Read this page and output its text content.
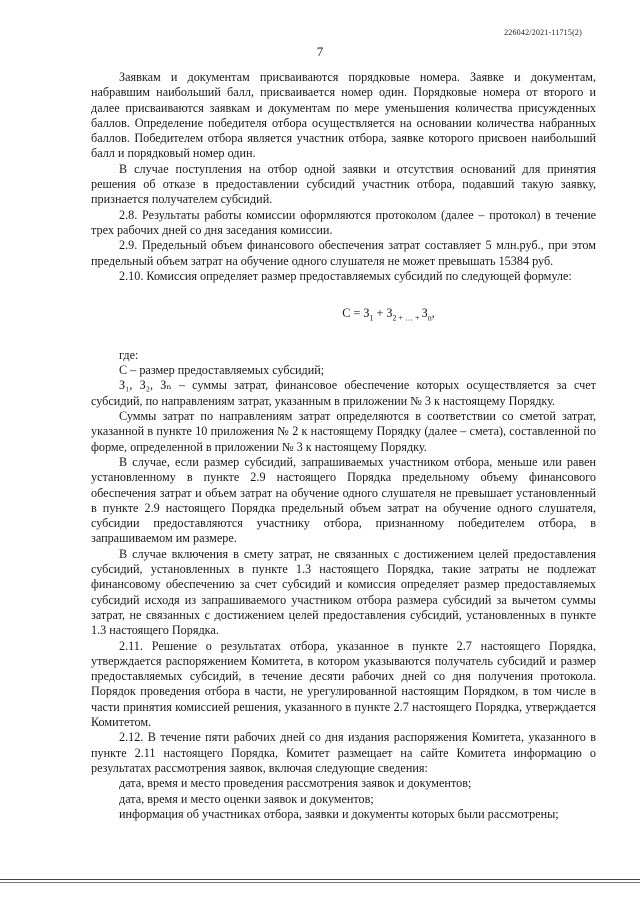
226042/2021-11715(2)
7

Заявкам и документам присваиваются порядковые номера. Заявке и документам, набравшим наибольший балл, присваивается номер один. Порядковые номера от второго и далее присваиваются заявкам и документам по мере уменьшения количества присужденных баллов. Определение победителя отбора осуществляется на основании количества набранных баллов. Победителем отбора является участник отбора, заявке которого присвоен наибольший балл и порядковый номер один.

В случае поступления на отбор одной заявки и отсутствия оснований для принятия решения об отказе в предоставлении субсидий участник отбора, подавший такую заявку, признается получателем субсидий.

2.8. Результаты работы комиссии оформляются протоколом (далее – протокол) в течение трех рабочих дней со дня заседания комиссии.

2.9. Предельный объем финансового обеспечения затрат составляет 5 млн.руб., при этом предельный объем затрат на обучение одного слушателя не может превышать 15384 руб.

2.10. Комиссия определяет размер предоставляемых субсидий по следующей формуле:

$С = З_1 + З_{2 + \dots +}$ $З_n$,

где:

С – размер предоставляемых субсидий;

З₁, З₂, Зₙ – суммы затрат, финансовое обеспечение которых осуществляется за счет субсидий, по направлениям затрат, указанным в приложении № 3 к настоящему Порядку.

Суммы затрат по направлениям затрат определяются в соответствии со сметой затрат, указанной в пункте 10 приложения № 2 к настоящему Порядку (далее – смета), составленной по форме, определенной в приложении № 3 к настоящему Порядку.

В случае, если размер субсидий, запрашиваемых участником отбора, меньше или равен установленному в пункте 2.9 настоящего Порядка предельному объему финансового обеспечения затрат и объем затрат на обучение одного слушателя не превышает установленный в пункте 2.9 настоящего Порядка предельный объем затрат на обучение одного слушателя, субсидии предоставляются участнику отбора, признанному победителем отбора, в запрашиваемом им размере.

В случае включения в смету затрат, не связанных с достижением целей предоставления субсидий, установленных в пункте 1.3 настоящего Порядка, такие затраты не подлежат финансовому обеспечению за счет субсидий и комиссия определяет размер предоставляемых субсидий исходя из запрашиваемого участником отбора размера субсидий за вычетом суммы затрат, не связанных с достижением целей предоставления субсидий, установленных в пункте 1.3 настоящего Порядка.

2.11. Решение о результатах отбора, указанное в пункте 2.7 настоящего Порядка, утверждается распоряжением Комитета, в котором указываются получатель субсидий и размер предоставляемых субсидий, в течение десяти рабочих дней со дня получения протокола. Порядок проведения отбора в части, не урегулированной настоящим Порядком, в том числе в части принятия комиссией решения, указанного в пункте 2.7 настоящего Порядка, утверждается Комитетом.

2.12. В течение пяти рабочих дней со дня издания распоряжения Комитета, указанного в пункте 2.11 настоящего Порядка, Комитет размещает на сайте Комитета информацию о результатах рассмотрения заявок, включая следующие сведения:

дата, время и место проведения рассмотрения заявок и документов;

дата, время и место оценки заявок и документов;

информация об участниках отбора, заявки и документы которых были рассмотрены;
